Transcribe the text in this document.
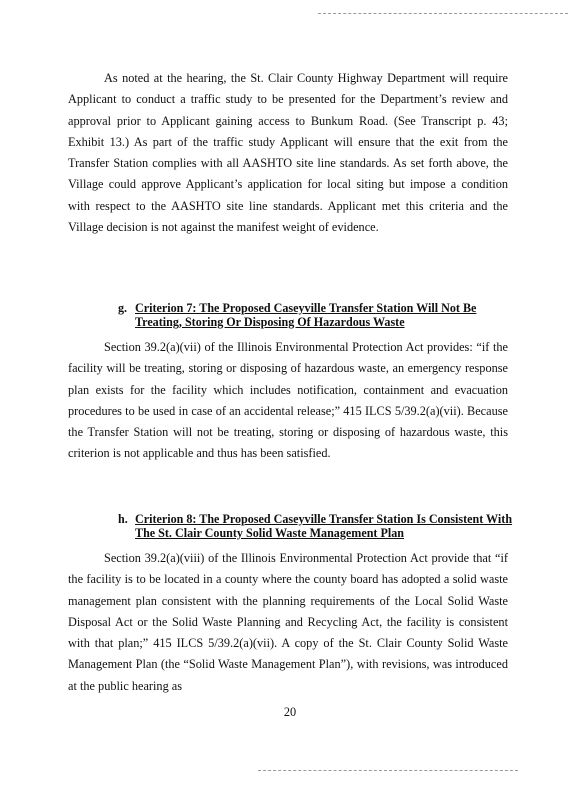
As noted at the hearing, the St. Clair County Highway Department will require Applicant to conduct a traffic study to be presented for the Department’s review and approval prior to Applicant gaining access to Bunkum Road. (See Transcript p. 43; Exhibit 13.) As part of the traffic study Applicant will ensure that the exit from the Transfer Station complies with all AASHTO site line standards. As set forth above, the Village could approve Applicant’s application for local siting but impose a condition with respect to the AASHTO site line standards. Applicant met this criteria and the Village decision is not against the manifest weight of evidence.

g. Criterion 7: The Proposed Caseyville Transfer Station Will Not Be Treating, Storing Or Disposing Of Hazardous Waste

Section 39.2(a)(vii) of the Illinois Environmental Protection Act provides: “if the facility will be treating, storing or disposing of hazardous waste, an emergency response plan exists for the facility which includes notification, containment and evacuation procedures to be used in case of an accidental release;” 415 ILCS 5/39.2(a)(vii). Because the Transfer Station will not be treating, storing or disposing of hazardous waste, this criterion is not applicable and thus has been satisfied.

h. Criterion 8: The Proposed Caseyville Transfer Station Is Consistent With The St. Clair County Solid Waste Management Plan

Section 39.2(a)(viii) of the Illinois Environmental Protection Act provide that “if the facility is to be located in a county where the county board has adopted a solid waste management plan consistent with the planning requirements of the Local Solid Waste Disposal Act or the Solid Waste Planning and Recycling Act, the facility is consistent with that plan;” 415 ILCS 5/39.2(a)(vii). A copy of the St. Clair County Solid Waste Management Plan (the “Solid Waste Management Plan”), with revisions, was introduced at the public hearing as

20
